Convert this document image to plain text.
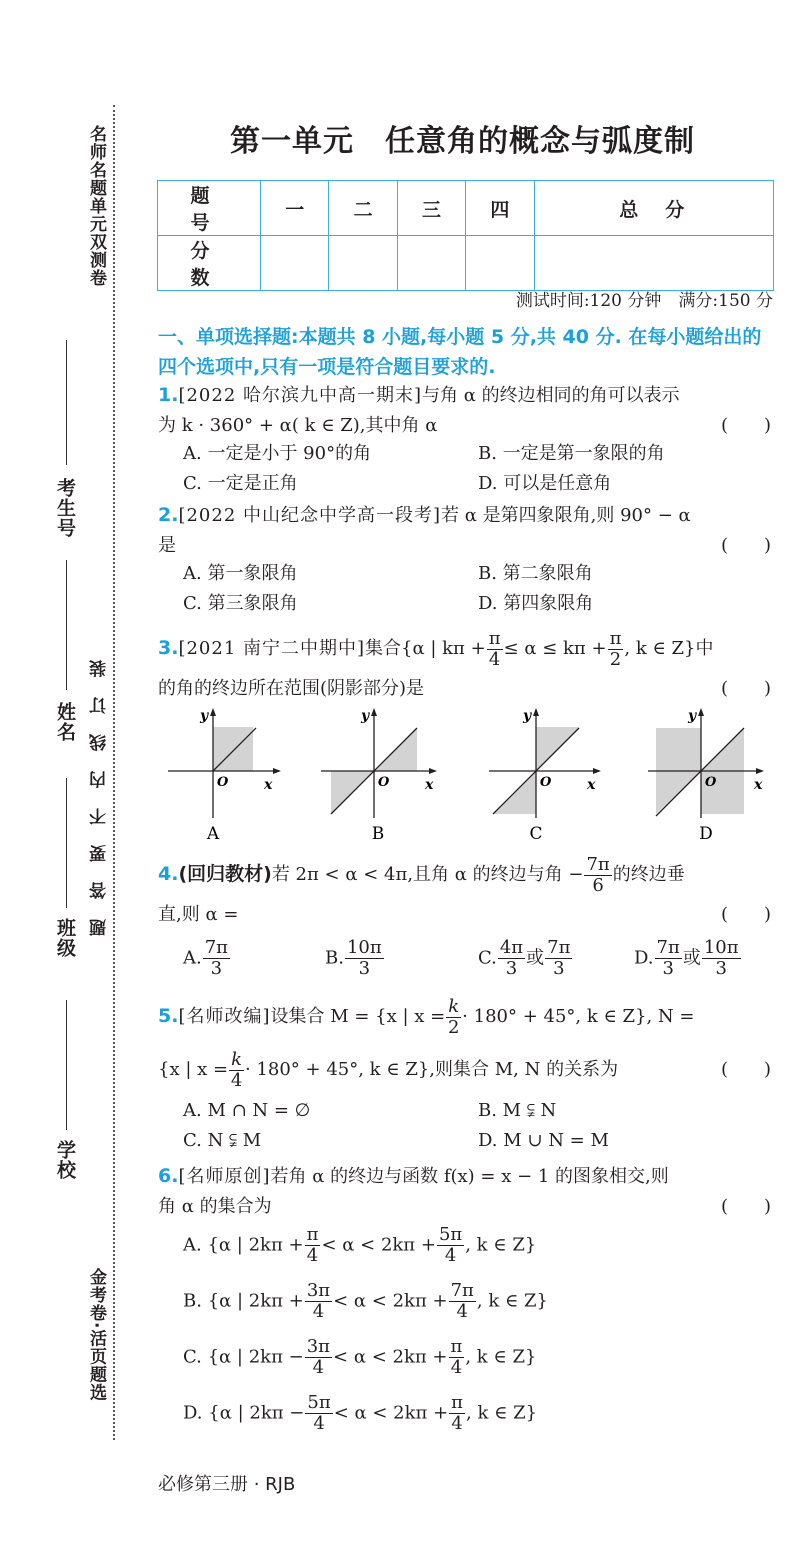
名师名题单元双测卷
考生号
姓名
班级
学校
题答要不内线订装
金考卷·活页题选
第一单元　任意角的概念与弧度制
题　号	一	二	三	四	总　分
分　数					
测试时间:120 分钟　满分:150 分
一、单项选择题:本题共 8 小题,每小题 5 分,共 40 分. 在每小题给出的四个选项中,只有一项是符合题目要求的.
1.[2022 哈尔滨九中高一期末]与角 α 的终边相同的角可以表示
为 k · 360° + α( k ∈ Z),其中角 α	(　　)
A. 一定是小于 90°的角	B. 一定是第一象限的角
C. 一定是正角	D. 可以是任意角
2.[2022 中山纪念中学高一段考]若 α 是第四象限角,则 90° − α
是	(　　)
A. 第一象限角	B. 第二象限角
C. 第三象限角	D. 第四象限角
3.[2021 南宁二中期中]集合{α | $k\pi + \frac{\pi}{4} \le \alpha \le k\pi + \frac{\pi}{2}$ , k ∈ Z}中
的角的终边所在范围(阴影部分)是	(　　)
y
x
O
A
y
x
O
B
y
x
O
C
y
x
O
D
4.(回归教材)若 2π < α < 4π,且角 α 的终边与角 − $\frac{7\pi}{6}$ 的终边垂
直,则 α =	(　　)
A. $\frac{7\pi}{3}$	B. $\frac{10\pi}{3}$	C. $\frac{4\pi}{3}$ 或 $\frac{7\pi}{3}$	D. $\frac{7\pi}{3}$ 或 $\frac{10\pi}{3}$
5.[名师改编]设集合 M = {x | $x = \frac{k}{2} \cdot 180^\circ + 45^\circ$, k ∈ Z}, N =
{x | $x = \frac{k}{4} \cdot 180^\circ + 45^\circ$, k ∈ Z},则集合 M, N 的关系为	(　　)
A. M ∩ N = ∅	B. M ⫋ N
C. N ⫋ M	D. M ∪ N = M
6.[名师原创]若角 α 的终边与函数 f(x) = x − 1 的图象相交,则
角 α 的集合为	(　　)
A. {α | $2k\pi + \frac{\pi}{4} < \alpha < 2k\pi + \frac{5\pi}{4}$ , k ∈ Z}
B. {α | $2k\pi + \frac{3\pi}{4} < \alpha < 2k\pi + \frac{7\pi}{4}$ , k ∈ Z}
C. {α | $2k\pi - \frac{3\pi}{4} < \alpha < 2k\pi + \frac{\pi}{4}$ , k ∈ Z}
D. {α | $2k\pi - \frac{5\pi}{4} < \alpha < 2k\pi + \frac{\pi}{4}$ , k ∈ Z}
必修第三册 · RJB
